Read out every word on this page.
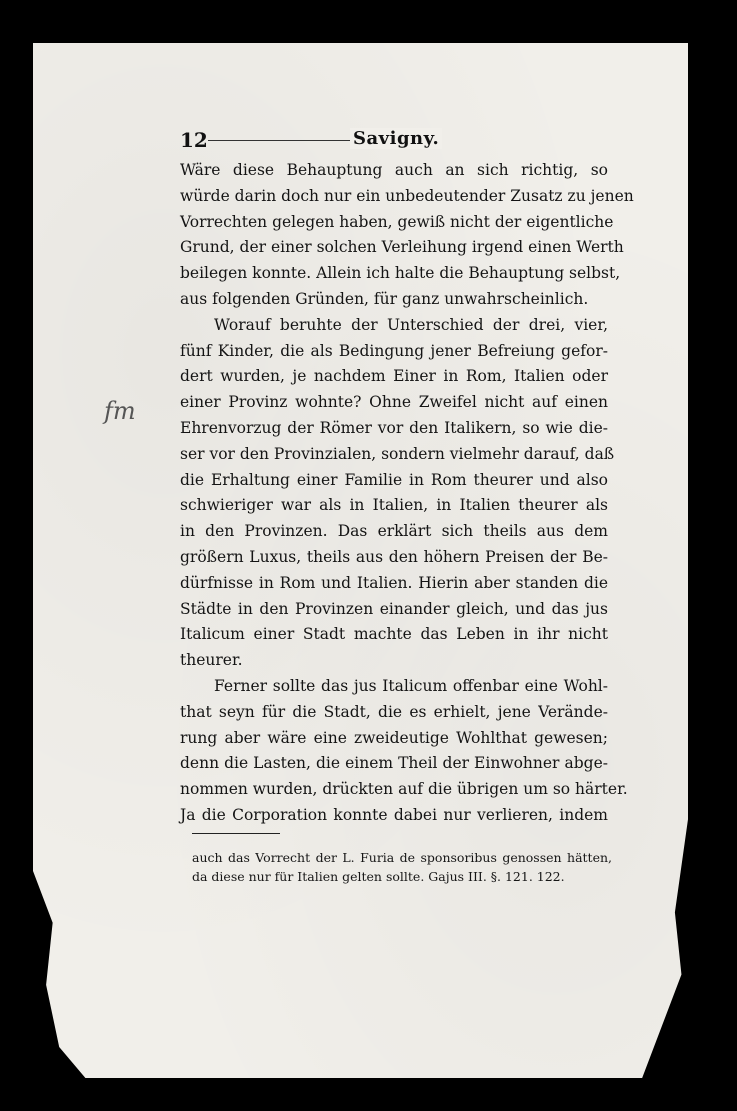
12	Savigny.
fm
Wäre diese Behauptung auch an sich richtig, so
würde darin doch nur ein unbedeutender Zusatz zu jenen
Vorrechten gelegen haben, gewiß nicht der eigentliche
Grund, der einer solchen Verleihung irgend einen Werth
beilegen konnte. Allein ich halte die Behauptung selbst,
aus folgenden Gründen, für ganz unwahrscheinlich.
Worauf beruhte der Unterschied der drei, vier,
fünf Kinder, die als Bedingung jener Befreiung gefor-
dert wurden, je nachdem Einer in Rom, Italien oder
einer Provinz wohnte? Ohne Zweifel nicht auf einen
Ehrenvorzug der Römer vor den Italikern, so wie die-
ser vor den Provinzialen, sondern vielmehr darauf, daß
die Erhaltung einer Familie in Rom theurer und also
schwieriger war als in Italien, in Italien theurer als
in den Provinzen. Das erklärt sich theils aus dem
größern Luxus, theils aus den höhern Preisen der Be-
dürfnisse in Rom und Italien. Hierin aber standen die
Städte in den Provinzen einander gleich, und das jus
Italicum einer Stadt machte das Leben in ihr nicht
theurer.
Ferner sollte das jus Italicum offenbar eine Wohl-
that seyn für die Stadt, die es erhielt, jene Verände-
rung aber wäre eine zweideutige Wohlthat gewesen;
denn die Lasten, die einem Theil der Einwohner abge-
nommen wurden, drückten auf die übrigen um so härter.
Ja die Corporation konnte dabei nur verlieren, indem
auch das Vorrecht der L. Furia de sponsoribus genossen hätten,
da diese nur für Italien gelten sollte. Gajus III. §. 121. 122.
